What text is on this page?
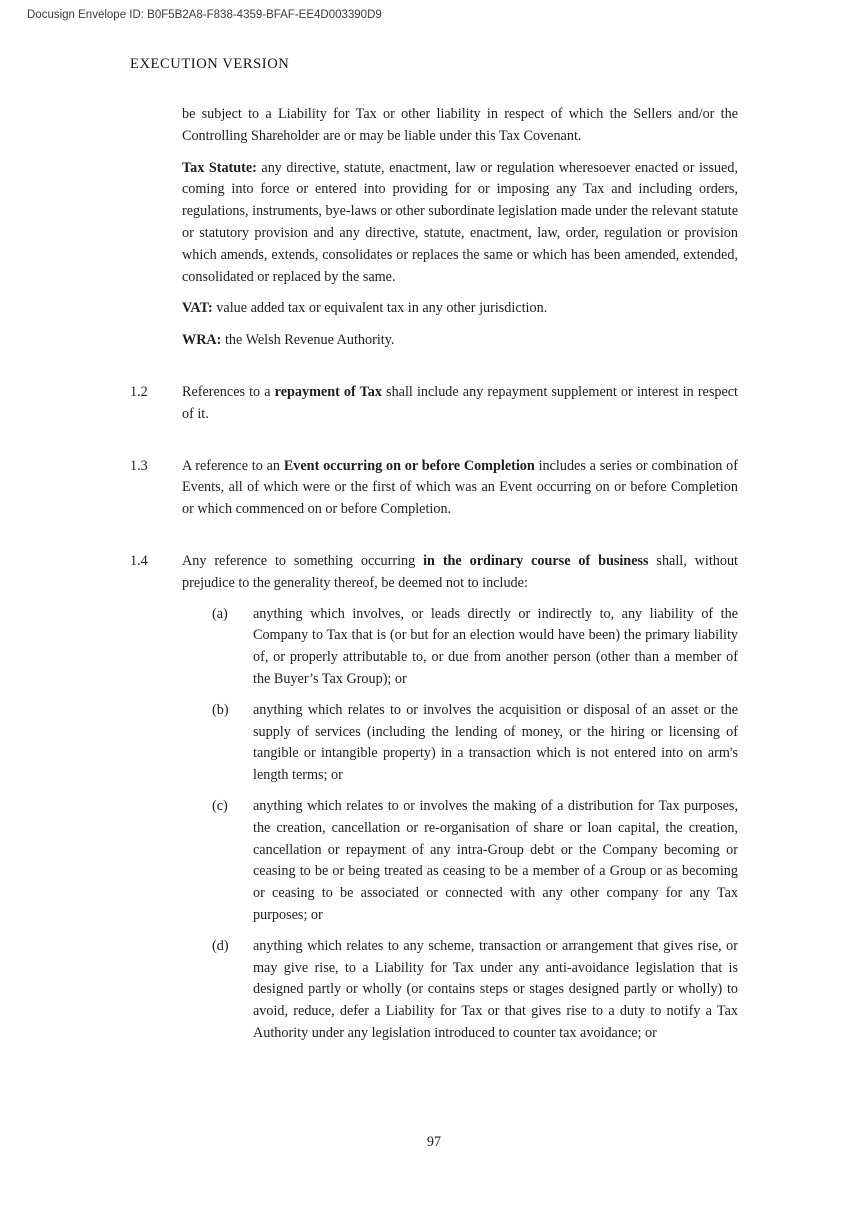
Docusign Envelope ID: B0F5B2A8-F838-4359-BFAF-EE4D003390D9
EXECUTION VERSION

be subject to a Liability for Tax or other liability in respect of which the Sellers and/or the Controlling Shareholder are or may be liable under this Tax Covenant.

Tax Statute: any directive, statute, enactment, law or regulation wheresoever enacted or issued, coming into force or entered into providing for or imposing any Tax and including orders, regulations, instruments, bye-laws or other subordinate legislation made under the relevant statute or statutory provision and any directive, statute, enactment, law, order, regulation or provision which amends, extends, consolidates or replaces the same or which has been amended, extended, consolidated or replaced by the same.

VAT: value added tax or equivalent tax in any other jurisdiction.

WRA: the Welsh Revenue Authority.

1.2	References to a repayment of Tax shall include any repayment supplement or interest in respect of it.
1.3	A reference to an Event occurring on or before Completion includes a series or combination of Events, all of which were or the first of which was an Event occurring on or before Completion or which commenced on or before Completion.
1.4	Any reference to something occurring in the ordinary course of business shall, without prejudice to the generality thereof, be deemed not to include:
(a)	anything which involves, or leads directly or indirectly to, any liability of the Company to Tax that is (or but for an election would have been) the primary liability of, or properly attributable to, or due from another person (other than a member of the Buyer’s Tax Group); or
(b)	anything which relates to or involves the acquisition or disposal of an asset or the supply of services (including the lending of money, or the hiring or licensing of tangible or intangible property) in a transaction which is not entered into on arm's length terms; or
(c)	anything which relates to or involves the making of a distribution for Tax purposes, the creation, cancellation or re-organisation of share or loan capital, the creation, cancellation or repayment of any intra-Group debt or the Company becoming or ceasing to be or being treated as ceasing to be a member of a Group or as becoming or ceasing to be associated or connected with any other company for any Tax purposes; or
(d)	anything which relates to any scheme, transaction or arrangement that gives rise, or may give rise, to a Liability for Tax under any anti-avoidance legislation that is designed partly or wholly (or contains steps or stages designed partly or wholly) to avoid, reduce, defer a Liability for Tax or that gives rise to a duty to notify a Tax Authority under any legislation introduced to counter tax avoidance; or
97
